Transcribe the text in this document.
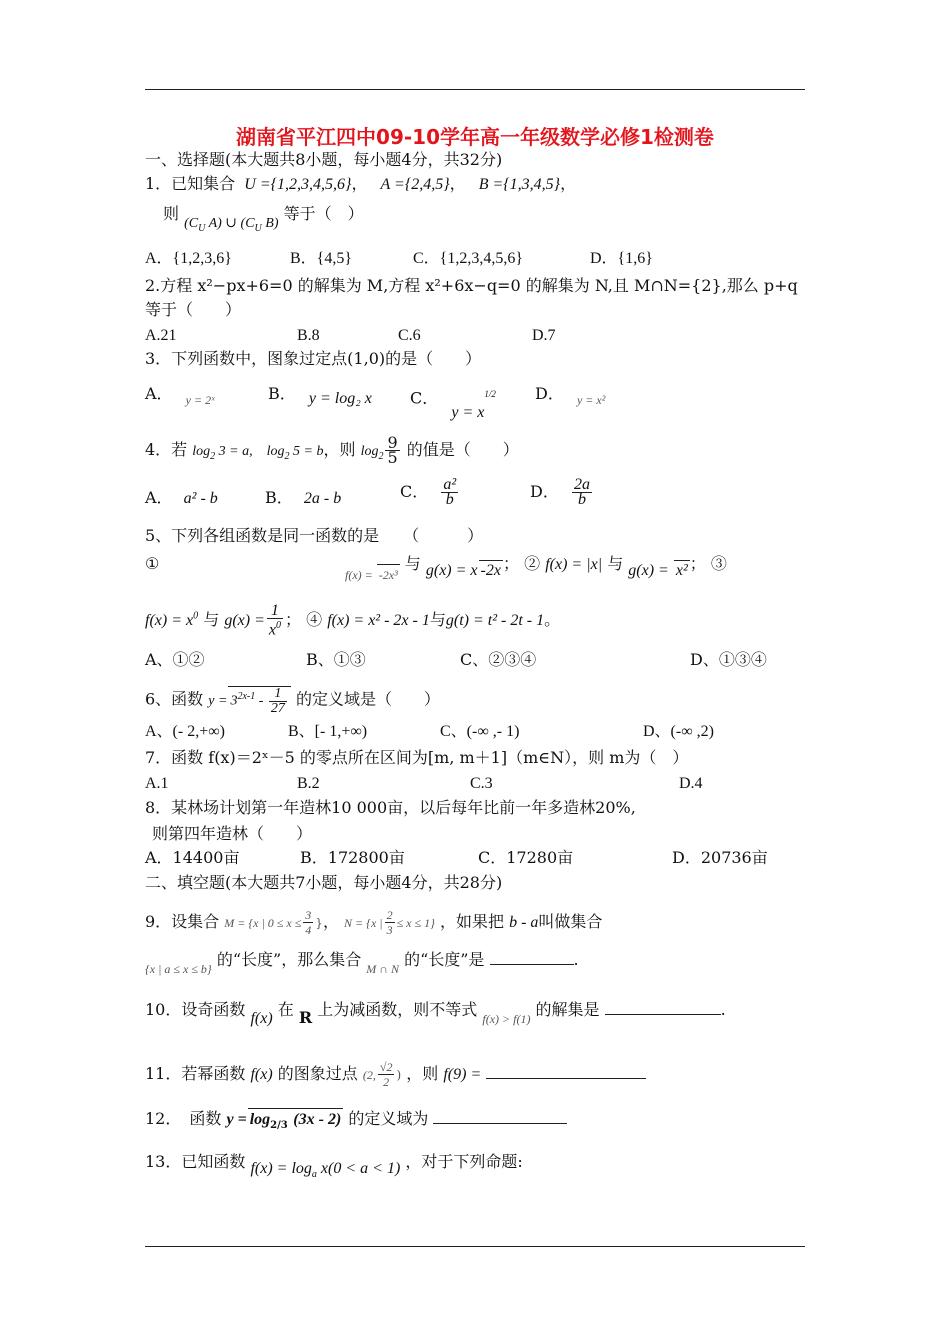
湖南省平江四中09-10学年高一年级数学必修1检测卷
一、选择题(本大题共8小题，每小题4分，共32分)
1．已知集合 U ={1,2,3,4,5,6}， A ={2,4,5}， B ={1,3,4,5}，
则 ($C_U$ A) ∪ ($C_U$ B) 等于（　）
A．{1,2,3,6}	B．{4,5}	C．{1,2,3,4,5,6}	D．{1,6}
2.方程 x²−px+6=0 的解集为 M,方程 x²+6x−q=0 的解集为 N,且 M∩N={2},那么 p+q
等于（　　）
A.21	B.8	C.6	D.7
3．下列函数中，图象过定点(1,0)的是（　　）
A． $_{y = 2ˣ}$	B． y = log₂ x C． $y = x^{1/2}$ D． $_{y = x^2}$
4．若 $\log_2 3 = a$,　$\log_2 5 = b$，则 $\log_2 \frac{9}{5}$ 的值是（　　）
A． a² - b	B． 2a - b	C． $\frac{\text{a²}}{b}$	D． $\frac{2a}{b}$
5、下列各组函数是同一函数的是　　（　　　）
①
$_{f(x) = -2x^3}$ 与 g(x) = x -2x ； ② f(x) = |x| 与 g(x) = x² ； ③
$f(x) = x^0$ 与 $g(x) = \frac{1}{x^0}$ ； ④ f(x) = x² - 2x - 1与g(t) = t² - 2t - 1。
A、①②	B、①③	C、②③④	D、①③④
6、函数 $y = 3^{2x-1} - \frac{1}{27}$ 的定义域是（　　）
A、(- 2,+∞)	B、[- 1,+∞)	C、(-∞ ,- 1)	D、(-∞ ,2)
7．函数 f(x)＝2ˣ－5 的零点所在区间为[m, m＋1]（m∈N），则 m为（　）
A.1	B.2	C.3	D.4
8．某林场计划第一年造林10 000亩，以后每年比前一年多造林20%,
则第四年造林（　　）
A．14400亩	B．172800亩	C．17280亩	D．20736亩
二、填空题(本大题共7小题，每小题4分，共28分)
9．设集合 M = {x | $0 \le x \le \frac{3}{4}$ }， N = {x | $\frac{2}{3} \le x \le 1$} ，如果把 b - a叫做集合
$_{\{x | a \le x \le b\}}$ 的“长度”，那么集合 $_{M \cap N}$ 的“长度”是	.
10．设奇函数 f(x) 在 R 上为减函数，则不等式 $_{f(x) > f(1)}$ 的解集是	.
11．若幂函数 f(x) 的图象过点 (2, $\frac{√2}{2}$ ) ，则 f(9) =
12．　函数 $y = \log_{2/3} (3x - 2)$ 的定义域为
13．已知函数 $f(x) = \log_a x(0 < a < 1)$ ，对于下列命题:
